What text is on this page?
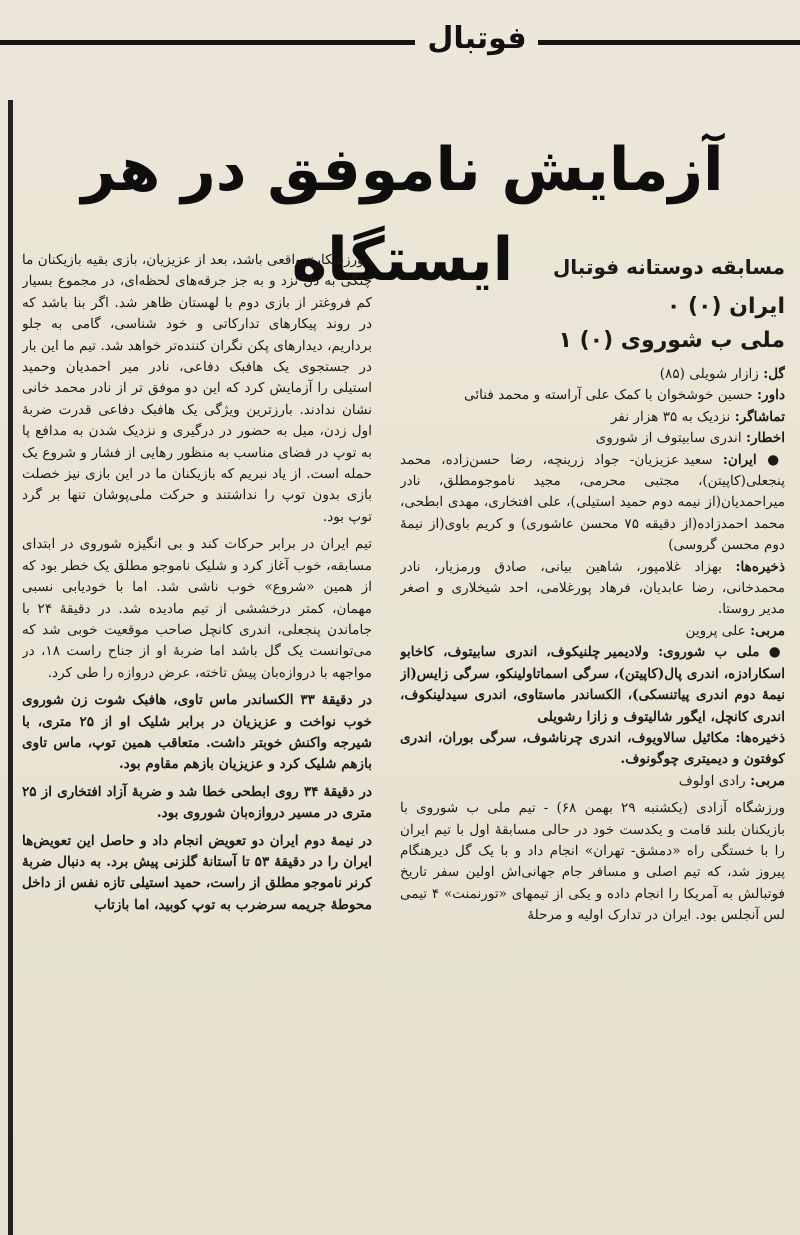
فوتبال
آزمایش ناموفق در هر ایستگاه	مسابقه دوستانه فوتبال

ایران (۰) ۰

ملی ب شوروی (۰) ۱

گل: زازار شویلی (۸۵)

داور: حسین خوشخوان با کمک علی آراسته و محمد فنائی

تماشاگر: نزدیک به ۳۵ هزار نفر

اخطار: اندری سابیتوف از شوروی

● ایران: سعید عزیزیان- جواد زرینچه، رضا حسن‌زاده، محمد پنجعلی(کاپیتن)، مجتبی محرمی، مجید ناموجومطلق، نادر میراحمدیان(از نیمه دوم حمید استیلی)، علی افتخاری، مهدی ابطحی، محمد احمدزاده(از دقیقه ۷۵ محسن عاشوری) و کریم باوی(از نیمهٔ دوم محسن گروسی)

ذخیره‌ها: بهزاد غلامپور، شاهین بیانی، صادق ورمزیار، نادر محمدخانی، رضا عابدیان، فرهاد پورغلامی، احد شیخلاری و اصغر مدیر روستا.

مربی: علی پروین

● ملی ب شوروی: ولادیمیر چلنیکوف، اندری سابیتوف، کاخابو اسکارادزه، اندری پال(کاپیتن)، سرگی اسماتاولینکو، سرگی زایس(از نیمهٔ دوم اندری پیاتنسکی)، الکساندر ماستاوی، اندری سیدلینکوف، اندری کانچل، ایگور شالیتوف و زازا رشویلی

ذخیره‌ها: مکائیل سالاویوف، اندری چرناشوف، سرگی بوران، اندری کوفتون و دیمیتری چوگونوف.

مربی: رادی اولوف

ورزشگاه آزادی (یکشنبه ۲۹ بهمن ۶۸) - تیم ملی ب شوروی با بازیکنان بلند قامت و یکدست خود در حالی مسابقهٔ اول با تیم ایران را با خستگی راه «دمشق- تهران» انجام داد و با یک گل دیرهنگام پیروز شد، که تیم اصلی و مسافر جام جهانی‌اش اولین سفر تاریخ فوتبالش به آمریکا را انجام داده و یکی از تیمهای «تورنمنت» ۴ تیمی لس آنجلس بود. ایران در تدارک اولیه و مرحلهٔ

«ورزشکار» واقعی باشد، بعد از عزیزیان، بازی بقیه بازیکنان ما چنگی به دل نزد و به جز جرقه‌های لحظه‌ای، در مجموع بسیار کم فروغتر از بازی دوم با لهستان ظاهر شد. اگر بنا باشد که در روند پیکارهای تدارکاتی و خود شناسی، گامی به جلو برداریم، دیدارهای پکن نگران کننده‌تر خواهد شد. تیم ما این بار در جستجوی یک هافبک دفاعی، نادر میر احمدیان وحمید استیلی را آزمایش کرد که این دو موفق تر از نادر محمد خانی نشان ندادند. بارزترین ویژگی یک هافبک دفاعی قدرت ضربهٔ اول زدن، میل به حضور در درگیری و نزدیک شدن به مدافع پا به توپ در فضای مناسب به منظور رهایی از فشار و شروع یک حمله است. از یاد نبریم که بازیکنان ما در این بازی نیز خصلت بازی بدون توپ را نداشتند و حرکت ملی‌پوشان تنها بر گرد توپ بود.

تیم ایران در برابر حرکات کند و بی انگیزه شوروی در ابتدای مسابقه، خوب آغاز کرد و شلیک ناموجو مطلق یک خطر بود که از همین «شروع» خوب ناشی شد. اما با خودیابی نسبی مهمان، کمتر درخششی از تیم مادیده شد. در دقیقهٔ ۲۴ با جاماندن پنجعلی، اندری کانچل صاحب موقعیت خوبی شد که می‌توانست یک گل باشد اما ضربهٔ او از جناح راست ۱۸، در مواجهه با دروازه‌بان پیش تاخته، عرض دروازه را طی کرد.

در دقیقهٔ ۳۳ الکساندر ماس تاوی، هافبک شوت زن شوروی خوب نواخت و عزیزیان در برابر شلیک او از ۲۵ متری، با شیرجه واکنش خوبتر داشت. متعاقب همین توپ، ماس تاوی بازهم شلیک کرد و عزیزیان بازهم مقاوم بود.

در دقیقهٔ ۳۴ روی ابطحی خطا شد و ضربهٔ آزاد افتخاری از ۲۵ متری در مسیر دروازه‌بان شوروی بود.

در نیمهٔ دوم ایران دو تعویض انجام داد و حاصل این تعویض‌ها ایران را در دقیقهٔ ۵۳ تا آستانهٔ گلزنی پیش برد. به دنبال ضربهٔ کرنر ناموجو مطلق از راست، حمید استیلی تازه نفس از داخل محوطهٔ جریمه سرضرب به توپ کوبید، اما بازتاب
